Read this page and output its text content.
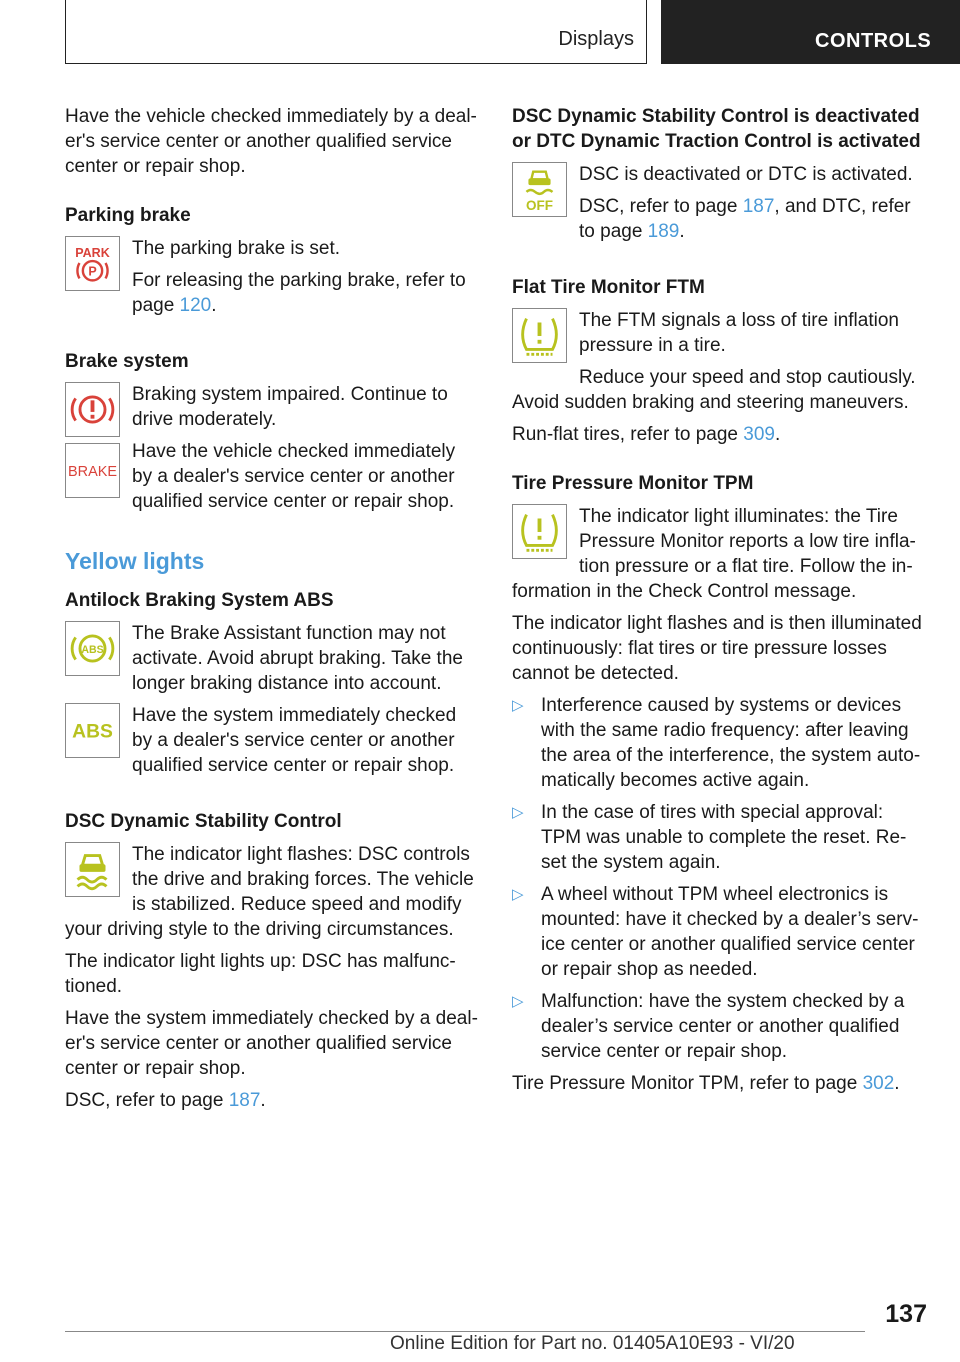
Displays	CONTROLS

Have the vehicle checked immediately by a deal‐er's service center or another qualified service center or repair shop.

Parking brake
PARK
P

The parking brake is set.

For releasing the parking brake, refer to page 120.

Brake system

Braking system impaired. Continue to drive moderately.

BRAKE

Have the vehicle checked immediately by a dealer's service center or another qualified service center or repair shop.

Yellow lights
Antilock Braking System ABS
ABS

The Brake Assistant function may not activate. Avoid abrupt braking. Take the longer braking distance into account.

ABS

Have the system immediately checked by a dealer's service center or another qualified service center or repair shop.

DSC Dynamic Stability Control

The indicator light flashes: DSC controls the drive and braking forces. The vehicle is stabilized. Reduce speed and modify your driving style to the driving circumstances.

The indicator light lights up: DSC has malfunc‐tioned.

Have the system immediately checked by a deal‐er's service center or another qualified service center or repair shop.

DSC, refer to page 187.

DSC Dynamic Stability Control is deactivated or DTC Dynamic Traction Control is activated
OFF

DSC is deactivated or DTC is activated.

DSC, refer to page 187, and DTC, refer to page 189.

Flat Tire Monitor FTM

The FTM signals a loss of tire inflation pressure in a tire.

Reduce your speed and stop cautiously. Avoid sudden braking and steering maneuvers.

Run-flat tires, refer to page 309.

Tire Pressure Monitor TPM

The indicator light illuminates: the Tire Pressure Monitor reports a low tire infla‐tion pressure or a flat tire. Follow the in‐formation in the Check Control message.

The indicator light flashes and is then illuminated continuously: flat tires or tire pressure losses cannot be detected.

▷ Interference caused by systems or devices with the same radio frequency: after leaving the area of the interference, the system auto‐matically becomes active again.
▷ In the case of tires with special approval: TPM was unable to complete the reset. Re‐set the system again.
▷ A wheel without TPM wheel electronics is mounted: have it checked by a dealer’s serv‐ice center or another qualified service center or repair shop as needed.
▷ Malfunction: have the system checked by a dealer’s service center or another qualified service center or repair shop.

Tire Pressure Monitor TPM, refer to page 302.

137
Online Edition for Part no. 01405A10E93 - VI/20
